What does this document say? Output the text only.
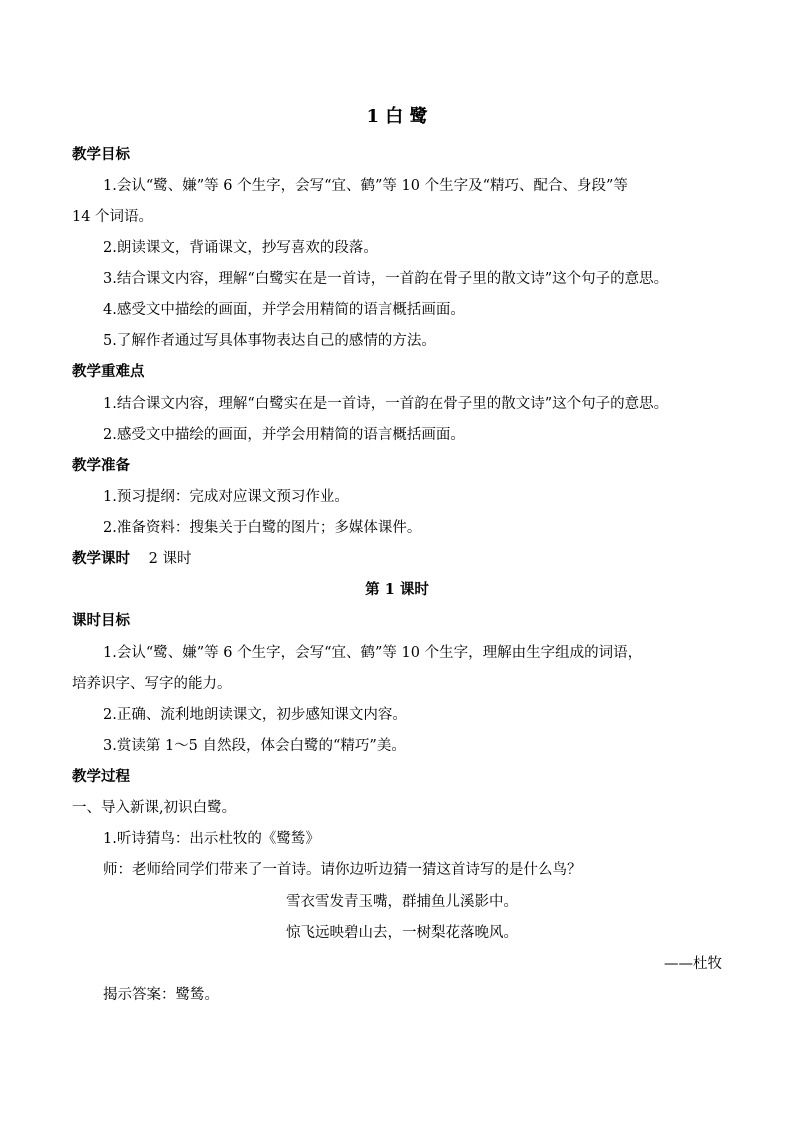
1 白 鹭
教学目标
1.会认“鹭、嫌”等 6 个生字，会写“宜、鹤”等 10 个生字及“精巧、配合、身段”等
14 个词语。
2.朗读课文，背诵课文，抄写喜欢的段落。
3.结合课文内容，理解“白鹭实在是一首诗，一首韵在骨子里的散文诗”这个句子的意思。
4.感受文中描绘的画面，并学会用精简的语言概括画面。
5.了解作者通过写具体事物表达自己的感情的方法。
教学重难点
1.结合课文内容，理解“白鹭实在是一首诗，一首韵在骨子里的散文诗”这个句子的意思。
2.感受文中描绘的画面，并学会用精简的语言概括画面。
教学准备
1.预习提纲：完成对应课文预习作业。
2.准备资料：搜集关于白鹭的图片；多媒体课件。
教学课时 2 课时
第 1 课时
课时目标
1.会认“鹭、嫌”等 6 个生字，会写“宜、鹤”等 10 个生字，理解由生字组成的词语，
培养识字、写字的能力。
2.正确、流利地朗读课文，初步感知课文内容。
3.赏读第 1～5 自然段，体会白鹭的“精巧”美。
教学过程
一、导入新课,初识白鹭。
1.听诗猜鸟：出示杜牧的《鹭鸶》
师：老师给同学们带来了一首诗。请你边听边猜一猜这首诗写的是什么鸟？
雪衣雪发青玉嘴，群捕鱼儿溪影中。
惊飞远映碧山去，一树梨花落晚风。
——杜牧
揭示答案：鹭鸶。
